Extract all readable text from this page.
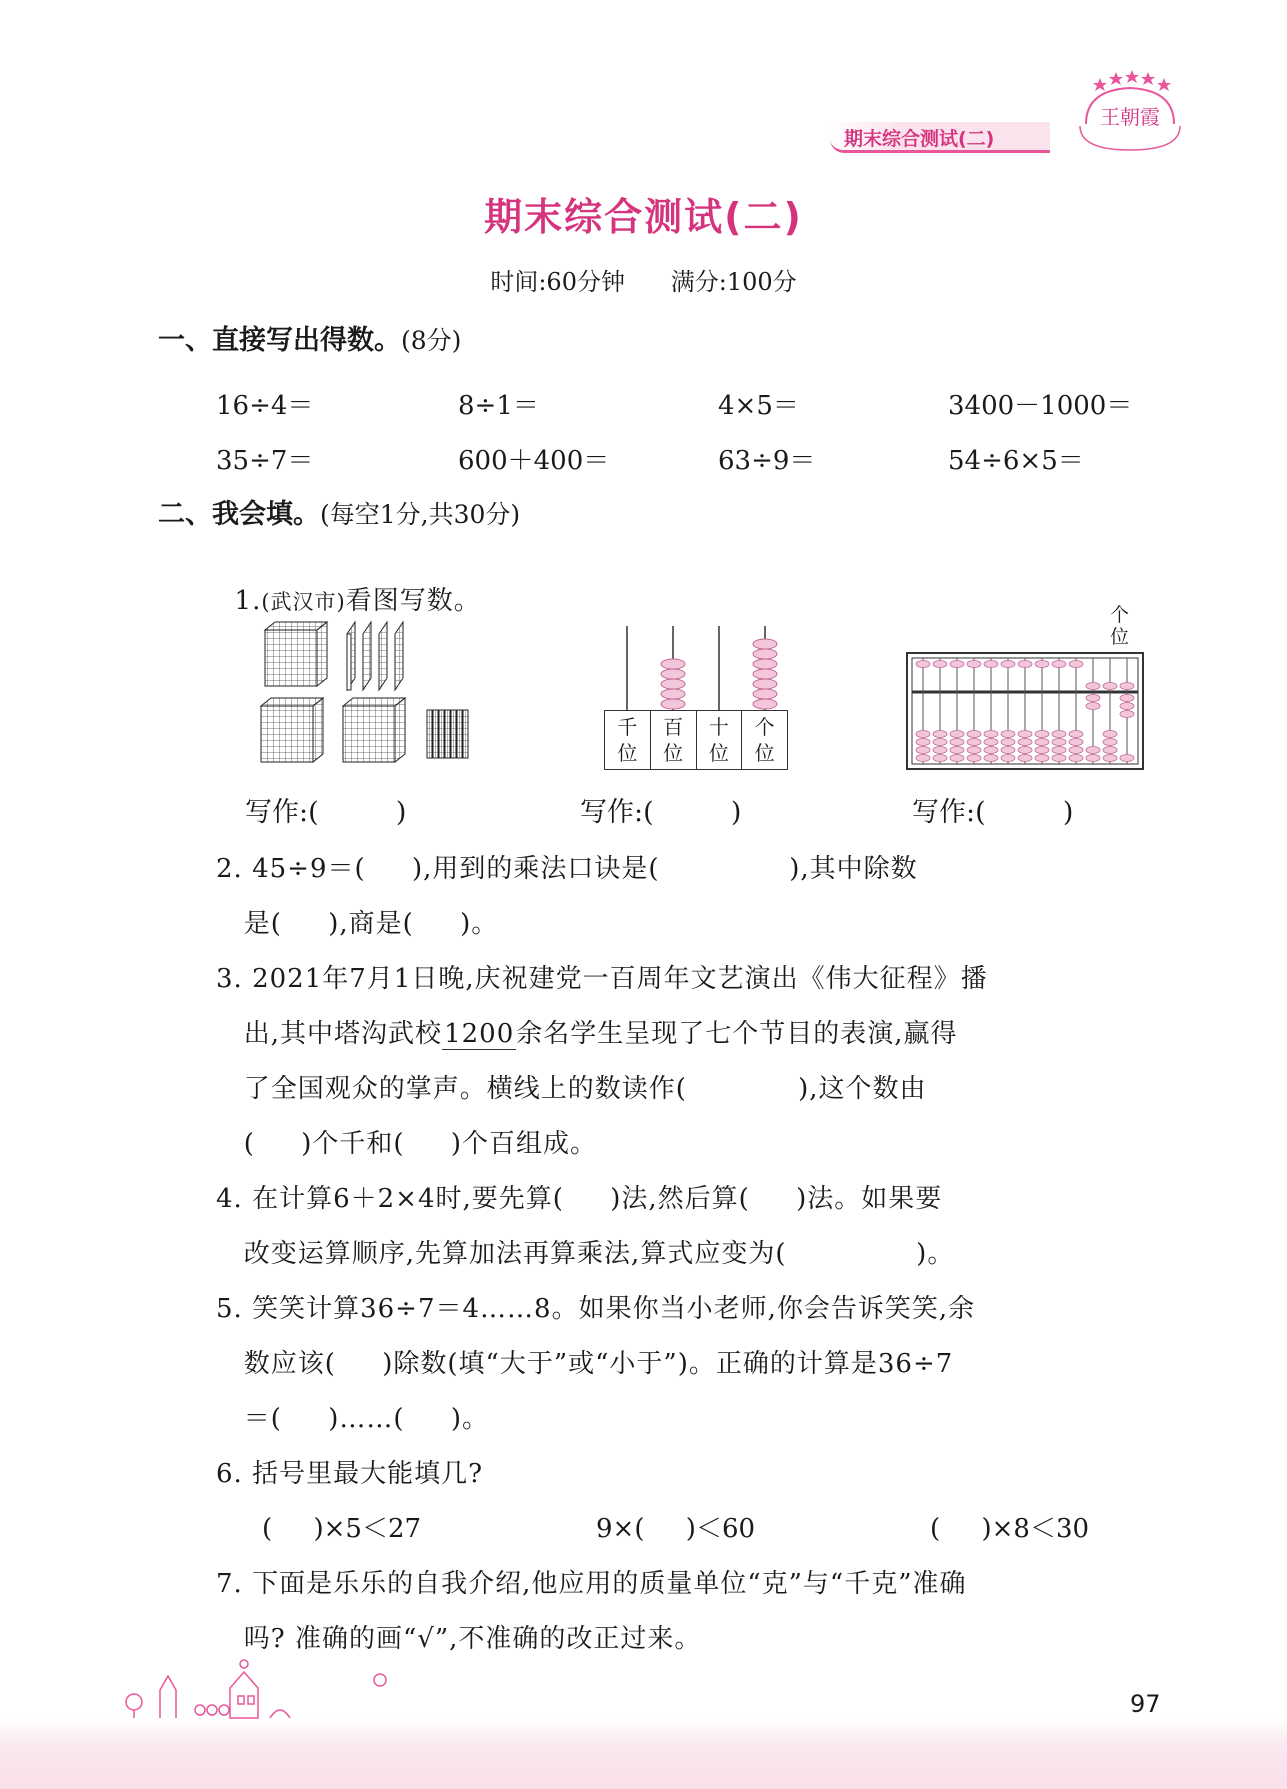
期末综合测试(二)
王朝霞
期末综合测试(二)
时间:60分钟      满分:100分
一、直接写出得数。(8分)
16÷4＝	8÷1＝	4×5＝	3400－1000＝
35÷7＝	600＋400＝	63÷9＝	54÷6×5＝
二、我会填。(每空1分,共30分)

1.(武汉市)看图写数。

千
位
百
位
十
位
个
位
个
位
写作:(         )	写作:(         )	写作:(         )
2. 45÷9＝(     ),用到的乘法口诀是(              ),其中除数
是(     ),商是(     )。
3. 2021年7月1日晚,庆祝建党一百周年文艺演出《伟大征程》播
出,其中塔沟武校1200余名学生呈现了七个节目的表演,赢得
了全国观众的掌声。横线上的数读作(            ),这个数由
(     )个千和(     )个百组成。
4. 在计算6＋2×4时,要先算(     )法,然后算(     )法。如果要
改变运算顺序,先算加法再算乘法,算式应变为(              )。
5. 笑笑计算36÷7＝4……8。如果你当小老师,你会告诉笑笑,余
数应该(     )除数(填“大于”或“小于”)。正确的计算是36÷7
＝(     )……(     )。
6. 括号里最大能填几?
(     )×5＜27	9×(     )＜60	(     )×8＜30
7. 下面是乐乐的自我介绍,他应用的质量单位“克”与“千克”准确
吗? 准确的画“√”,不准确的改正过来。
97
